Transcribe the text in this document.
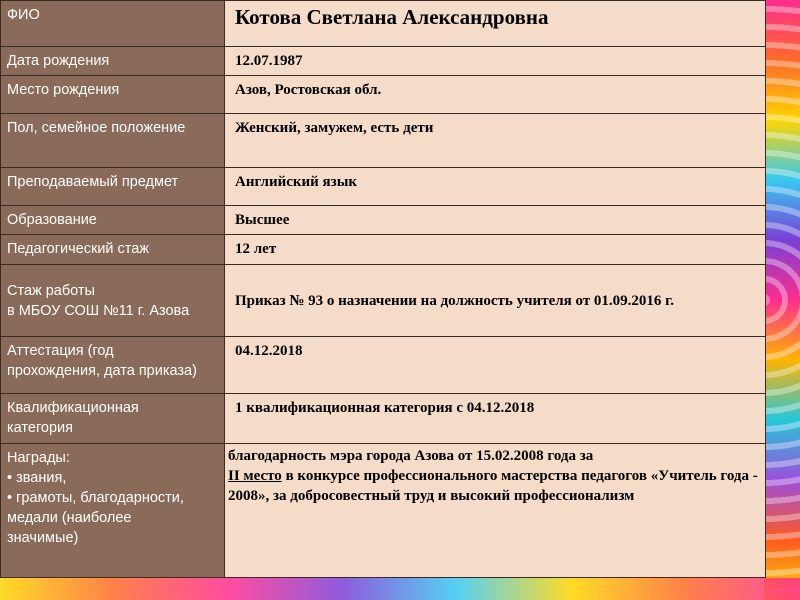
ФИО	Котова Светлана Александровна
Дата рождения	12.07.1987
Место рождения	Азов, Ростовская обл.
Пол, семейное положение	Женский, замужем, есть дети
Преподаваемый предмет	Английский язык
Образование	Высшее
Педагогический стаж	12 лет

Стаж работы
в МБОУ СОШ №11 г. Азова	Приказ № 93 о назначении на должность учителя от 01.09.2016 г.

Аттестация (год
прохождения, дата приказа)	04.12.2018

Квалификационная
категория	1 квалификационная категория с 04.12.2018

Награды:
• звания,
• грамоты, благодарности,
медали (наиболее
значимые)	благодарность мэра города Азова от 15.02.2008 года за
II место в конкурсе профессионального мастерства педагогов «Учитель года - 2008», за добросовестный труд и высокий профессионализм
